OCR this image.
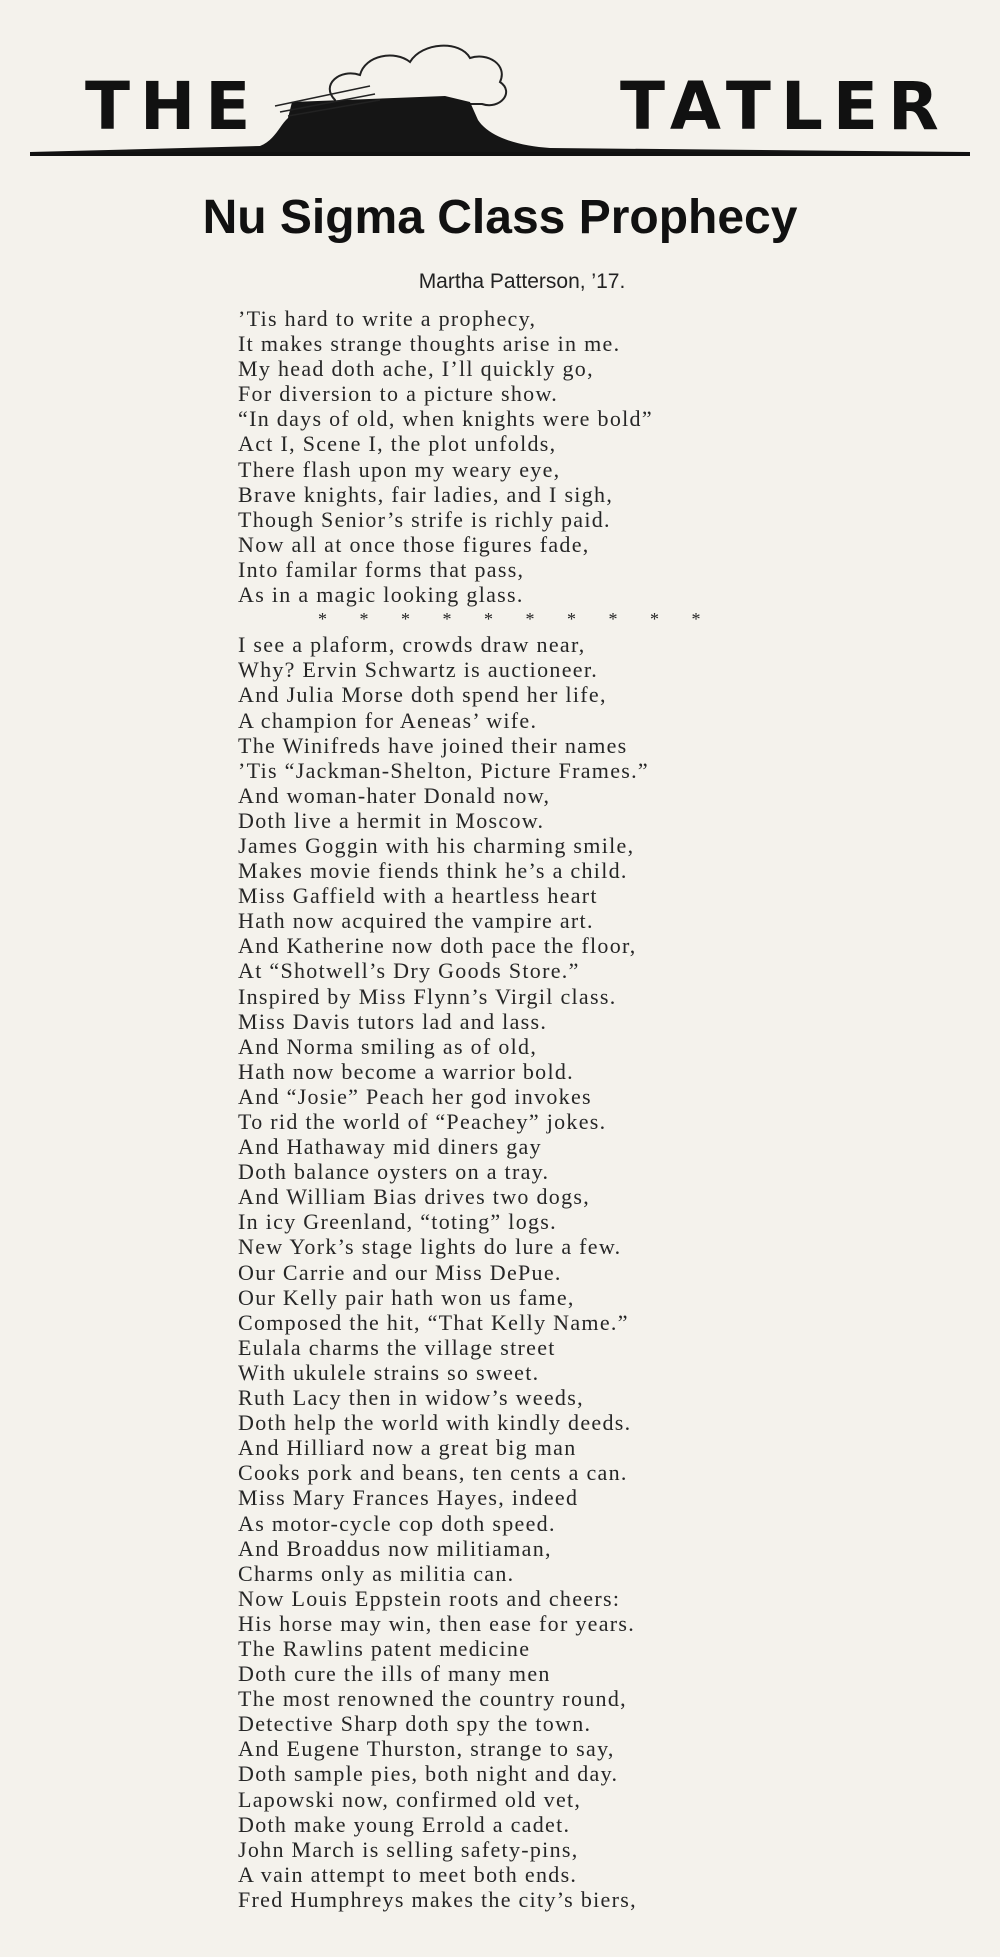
THE	TATLER
Nu Sigma Class Prophecy
Martha Patterson, ’17.
’Tis hard to write a prophecy,
It makes strange thoughts arise in me.
My head doth ache, I’ll quickly go,
For diversion to a picture show.
“In days of old, when knights were bold”
Act I, Scene I, the plot unfolds,
There flash upon my weary eye,
Brave knights, fair ladies, and I sigh,
Though Senior’s strife is richly paid.
Now all at once those figures fade,
Into familar forms that pass,
As in a magic looking glass.
* * * * * * * * * *
I see a plaform, crowds draw near,
Why? Ervin Schwartz is auctioneer.
And Julia Morse doth spend her life,
A champion for Aeneas’ wife.
The Winifreds have joined their names
’Tis “Jackman-Shelton, Picture Frames.”
And woman-hater Donald now,
Doth live a hermit in Moscow.
James Goggin with his charming smile,
Makes movie fiends think he’s a child.
Miss Gaffield with a heartless heart
Hath now acquired the vampire art.
And Katherine now doth pace the floor,
At “Shotwell’s Dry Goods Store.”
Inspired by Miss Flynn’s Virgil class.
Miss Davis tutors lad and lass.
And Norma smiling as of old,
Hath now become a warrior bold.
And “Josie” Peach her god invokes
To rid the world of “Peachey” jokes.
And Hathaway mid diners gay
Doth balance oysters on a tray.
And William Bias drives two dogs,
In icy Greenland, “toting” logs.
New York’s stage lights do lure a few.
Our Carrie and our Miss DePue.
Our Kelly pair hath won us fame,
Composed the hit, “That Kelly Name.”
Eulala charms the village street
With ukulele strains so sweet.
Ruth Lacy then in widow’s weeds,
Doth help the world with kindly deeds.
And Hilliard now a great big man
Cooks pork and beans, ten cents a can.
Miss Mary Frances Hayes, indeed
As motor-cycle cop doth speed.
And Broaddus now militiaman,
Charms only as militia can.
Now Louis Eppstein roots and cheers:
His horse may win, then ease for years.
The Rawlins patent medicine
Doth cure the ills of many men
The most renowned the country round,
Detective Sharp doth spy the town.
And Eugene Thurston, strange to say,
Doth sample pies, both night and day.
Lapowski now, confirmed old vet,
Doth make young Errold a cadet.
John March is selling safety-pins,
A vain attempt to meet both ends.
Fred Humphreys makes the city’s biers,
